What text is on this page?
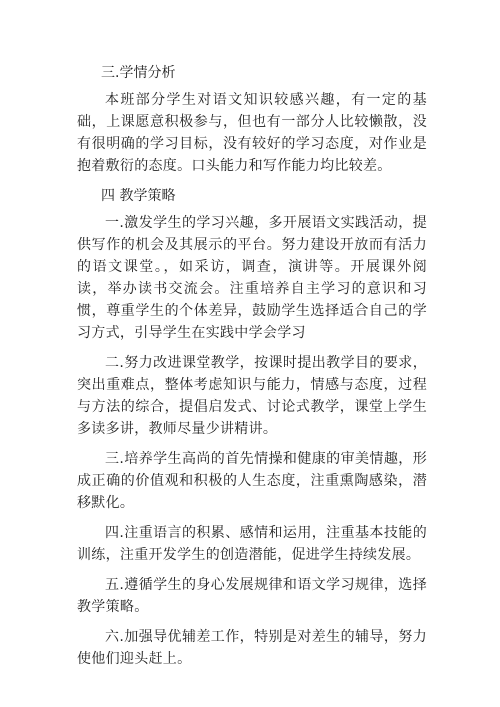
三.学情分析

本班部分学生对语文知识较感兴趣，有一定的基础，上课愿意积极参与，但也有一部分人比较懒散，没有很明确的学习目标，没有较好的学习态度，对作业是抱着敷衍的态度。口头能力和写作能力均比较差。

四 教学策略

一.激发学生的学习兴趣，多开展语文实践活动，提供写作的机会及其展示的平台。努力建设开放而有活力的语文课堂。，如采访，调查，演讲等。开展课外阅读，举办读书交流会。注重培养自主学习的意识和习惯，尊重学生的个体差异，鼓励学生选择适合自己的学习方式，引导学生在实践中学会学习

二.努力改进课堂教学，按课时提出教学目的要求，突出重难点，整体考虑知识与能力，情感与态度，过程与方法的综合，提倡启发式、讨论式教学，课堂上学生多读多讲，教师尽量少讲精讲。

三.培养学生高尚的首先情操和健康的审美情趣，形成正确的价值观和积极的人生态度，注重熏陶感染，潜移默化。

四.注重语言的积累、感情和运用，注重基本技能的训练，注重开发学生的创造潜能，促进学生持续发展。

五.遵循学生的身心发展规律和语文学习规律，选择教学策略。

六.加强导优辅差工作，特别是对差生的辅导，努力使他们迎头赶上。
